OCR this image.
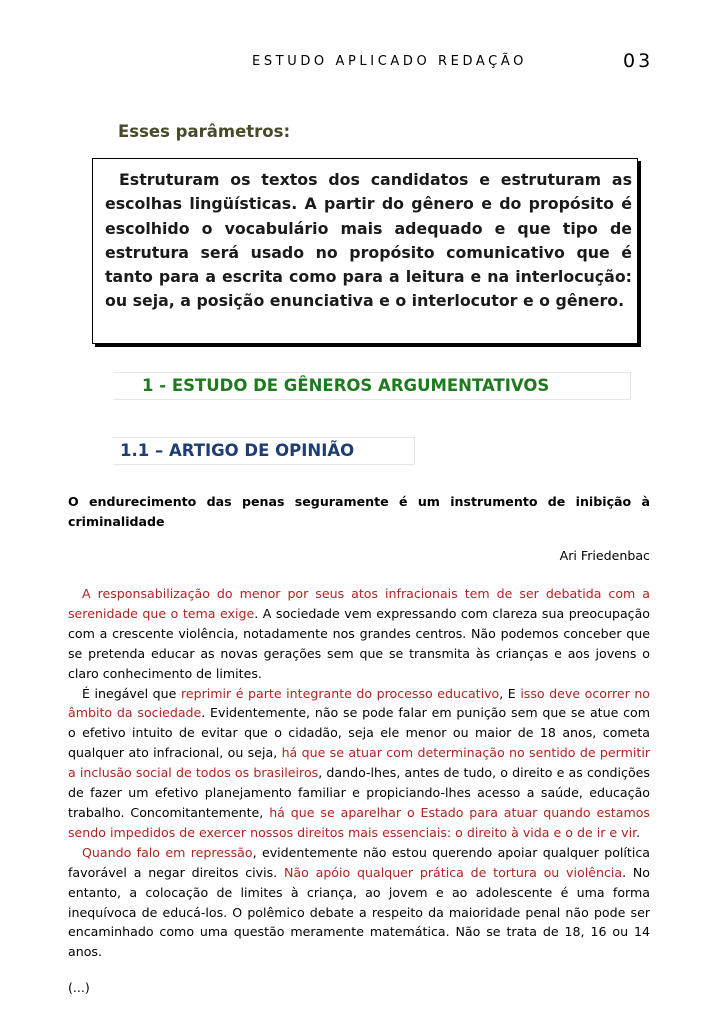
ESTUDO APLICADO REDAÇÃO	03
Esses parâmetros:
Estruturam os textos dos candidatos e estruturam as escolhas lingüísticas. A partir do gênero e do propósito é escolhido o vocabulário mais adequado e que tipo de estrutura será usado no propósito comunicativo que é tanto para a escrita como para a leitura e na interlocução: ou seja, a posição enunciativa e o interlocutor e o gênero.
1 - ESTUDO DE GÊNEROS ARGUMENTATIVOS
1.1 – ARTIGO DE OPINIÃO
O endurecimento das penas seguramente é um instrumento de inibição à criminalidade
Ari Friedenbac

A responsabilização do menor por seus atos infracionais tem de ser debatida com a serenidade que o tema exige. A sociedade vem expressando com clareza sua preocupação com a crescente violência, notadamente nos grandes centros. Não podemos conceber que se pretenda educar as novas gerações sem que se transmita às crianças e aos jovens o claro conhecimento de limites.

É inegável que reprimir é parte integrante do processo educativo, E isso deve ocorrer no âmbito da sociedade. Evidentemente, não se pode falar em punição sem que se atue com o efetivo intuito de evitar que o cidadão, seja ele menor ou maior de 18 anos, cometa qualquer ato infracional, ou seja, há que se atuar com determinação no sentido de permitir a inclusão social de todos os brasileiros, dando-lhes, antes de tudo, o direito e as condições de fazer um efetivo planejamento familiar e propiciando-lhes acesso a saúde, educação trabalho. Concomitantemente, há que se aparelhar o Estado para atuar quando estamos sendo impedidos de exercer nossos direitos mais essenciais: o direito à vida e o de ir e vir.

Quando falo em repressão, evidentemente não estou querendo apoiar qualquer política favorável a negar direitos civis. Não apóio qualquer prática de tortura ou violência. No entanto, a colocação de limites à criança, ao jovem e ao adolescente é uma forma inequívoca de educá-los. O polêmico debate a respeito da maioridade penal não pode ser encaminhado como uma questão meramente matemática. Não se trata de 18, 16 ou 14 anos.

(...)
